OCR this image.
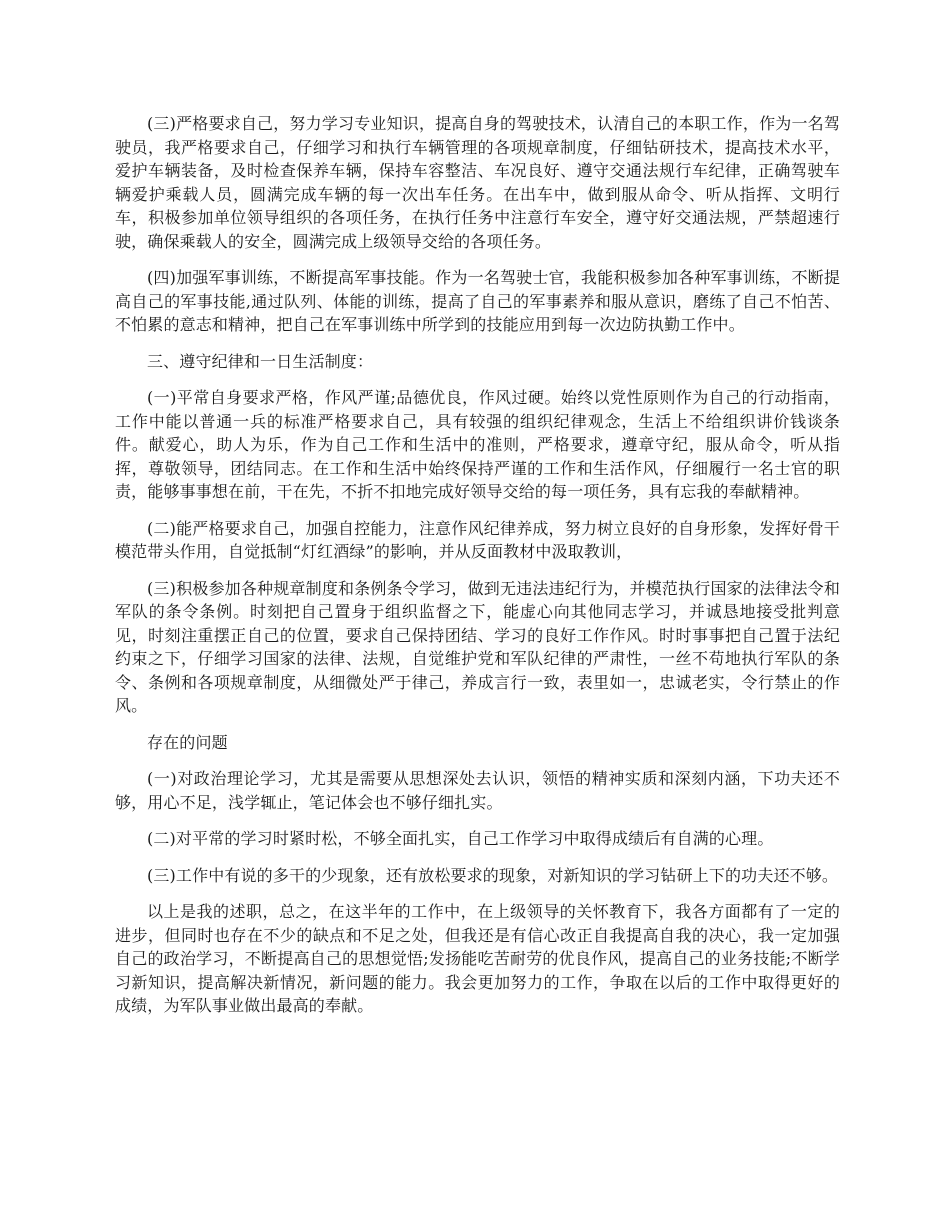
(三)严格要求自己，努力学习专业知识，提高自身的驾驶技术，认清自己的本职工作，作为一名驾驶员，我严格要求自己，仔细学习和执行车辆管理的各项规章制度，仔细钻研技术，提高技术水平，爱护车辆装备，及时检查保养车辆，保持车容整洁、车况良好、遵守交通法规行车纪律，正确驾驶车辆爱护乘载人员，圆满完成车辆的每一次出车任务。在出车中，做到服从命令、听从指挥、文明行车，积极参加单位领导组织的各项任务，在执行任务中注意行车安全，遵守好交通法规，严禁超速行驶，确保乘载人的安全，圆满完成上级领导交给的各项任务。

(四)加强军事训练，不断提高军事技能。作为一名驾驶士官，我能积极参加各种军事训练，不断提高自己的军事技能,通过队列、体能的训练，提高了自己的军事素养和服从意识，磨练了自己不怕苦、不怕累的意志和精神，把自己在军事训练中所学到的技能应用到每一次边防执勤工作中。

三、遵守纪律和一日生活制度：

(一)平常自身要求严格，作风严谨;品德优良，作风过硬。始终以党性原则作为自己的行动指南，工作中能以普通一兵的标准严格要求自己，具有较强的组织纪律观念，生活上不给组织讲价钱谈条件。献爱心，助人为乐，作为自己工作和生活中的准则，严格要求，遵章守纪，服从命令，听从指挥，尊敬领导，团结同志。在工作和生活中始终保持严谨的工作和生活作风，仔细履行一名士官的职责，能够事事想在前，干在先，不折不扣地完成好领导交给的每一项任务，具有忘我的奉献精神。

(二)能严格要求自己，加强自控能力，注意作风纪律养成，努力树立良好的自身形象，发挥好骨干模范带头作用，自觉抵制“灯红酒绿”的影响，并从反面教材中汲取教训，

(三)积极参加各种规章制度和条例条令学习，做到无违法违纪行为，并模范执行国家的法律法令和军队的条令条例。时刻把自己置身于组织监督之下，能虚心向其他同志学习，并诚恳地接受批判意见，时刻注重摆正自己的位置，要求自己保持团结、学习的良好工作作风。时时事事把自己置于法纪约束之下，仔细学习国家的法律、法规，自觉维护党和军队纪律的严肃性，一丝不苟地执行军队的条令、条例和各项规章制度，从细微处严于律己，养成言行一致，表里如一，忠诚老实，令行禁止的作风。

存在的问题

(一)对政治理论学习，尤其是需要从思想深处去认识，领悟的精神实质和深刻内涵，下功夫还不够，用心不足，浅学辄止，笔记体会也不够仔细扎实。

(二)对平常的学习时紧时松，不够全面扎实，自己工作学习中取得成绩后有自满的心理。

(三)工作中有说的多干的少现象，还有放松要求的现象，对新知识的学习钻研上下的功夫还不够。

以上是我的述职，总之，在这半年的工作中，在上级领导的关怀教育下，我各方面都有了一定的进步，但同时也存在不少的缺点和不足之处，但我还是有信心改正自我提高自我的决心，我一定加强自己的政治学习，不断提高自己的思想觉悟;发扬能吃苦耐劳的优良作风，提高自己的业务技能;不断学习新知识，提高解决新情况，新问题的能力。我会更加努力的工作，争取在以后的工作中取得更好的成绩，为军队事业做出最高的奉献。
